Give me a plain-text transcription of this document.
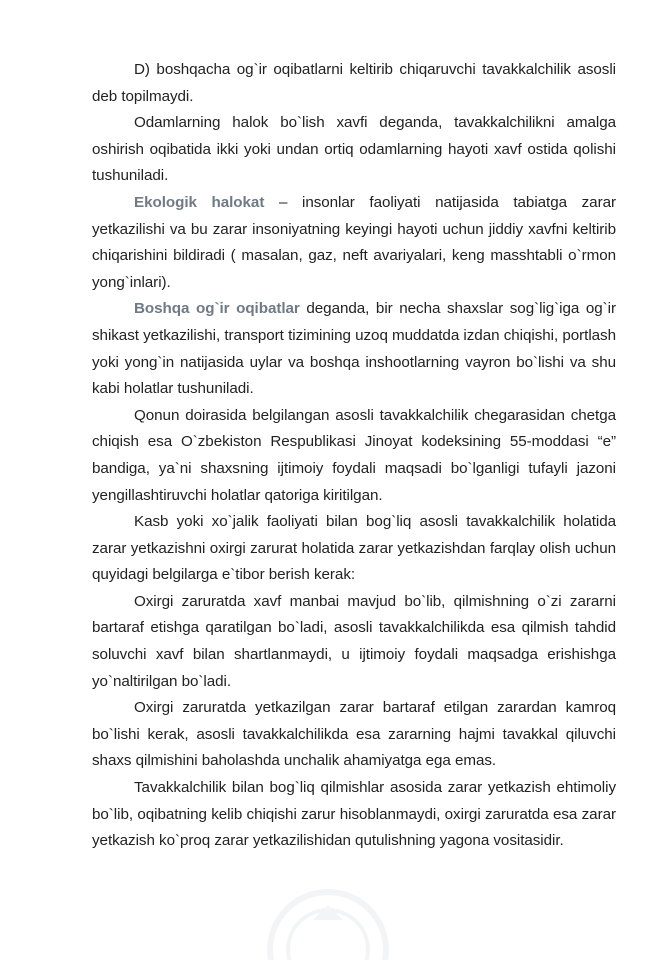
D) boshqacha og`ir oqibatlarni keltirib chiqaruvchi tavakkalchilik asosli deb topilmaydi.

Odamlarning halok bo`lish xavfi deganda, tavakkalchilikni amalga oshirish oqibatida ikki yoki undan ortiq odamlarning hayoti xavf ostida qolishi tushuniladi.

Ekologik halokat – insonlar faoliyati natijasida tabiatga zarar yetkazilishi va bu zarar insoniyatning keyingi hayoti uchun jiddiy xavfni keltirib chiqarishini bildiradi ( masalan, gaz, neft avariyalari, keng masshtabli o`rmon yong`inlari).

Boshqa og`ir oqibatlar deganda, bir necha shaxslar sog`lig`iga og`ir shikast yetkazilishi, transport tizimining uzoq muddatda izdan chiqishi, portlash yoki yong`in natijasida uylar va boshqa inshootlarning vayron bo`lishi va shu kabi holatlar tushuniladi.

Qonun doirasida belgilangan asosli tavakkalchilik chegarasidan chetga chiqish esa O`zbekiston Respublikasi Jinoyat kodeksining 55-moddasi “e” bandiga, ya`ni shaxsning ijtimoiy foydali maqsadi bo`lganligi tufayli jazoni yengillashtiruvchi holatlar qatoriga kiritilgan.

Kasb yoki xo`jalik faoliyati bilan bog`liq asosli tavakkalchilik holatida zarar yetkazishni oxirgi zarurat holatida zarar yetkazishdan farqlay olish uchun quyidagi belgilarga e`tibor berish kerak:

Oxirgi zaruratda xavf manbai mavjud bo`lib, qilmishning o`zi zararni bartaraf etishga qaratilgan bo`ladi, asosli tavakkalchilikda esa qilmish tahdid soluvchi xavf bilan shartlanmaydi, u ijtimoiy foydali maqsadga erishishga yo`naltirilgan bo`ladi.

Oxirgi zaruratda yetkazilgan zarar bartaraf etilgan zarardan kamroq bo`lishi kerak, asosli tavakkalchilikda esa zararning hajmi tavakkal qiluvchi shaxs qilmishini baholashda unchalik ahamiyatga ega emas.

Tavakkalchilik bilan bog`liq qilmishlar asosida zarar yetkazish ehtimoliy bo`lib, oqibatning kelib chiqishi zarur hisoblanmaydi, oxirgi zaruratda esa zarar yetkazish ko`proq zarar yetkazilishidan qutulishning yagona vositasidir.
